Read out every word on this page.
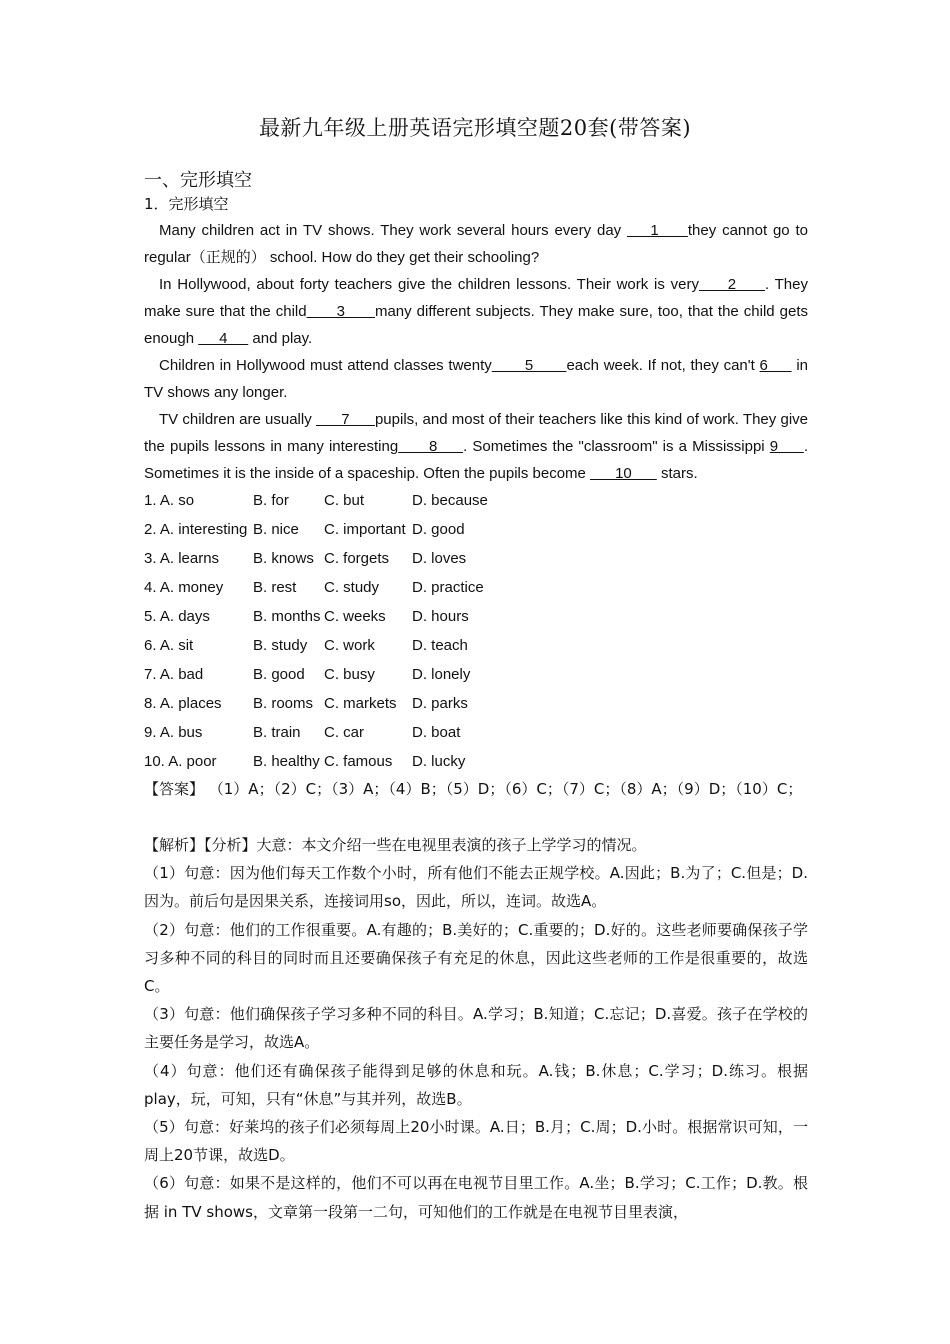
最新九年级上册英语完形填空题20套(带答案)
一、完形填空
1．完形填空

Many children act in TV shows. They work several hours every day     1     they cannot go to regular（正规的） school. How do they get their schooling?

In Hollywood, about forty teachers give the children lessons. Their work is very     2     . They make sure that the child      3      many different subjects. They make sure, too, that the child gets enough      4      and play.

Children in Hollywood must attend classes twenty       5       each week. If not, they can't 6      in TV shows any longer.

TV children are usually       7      pupils, and most of their teachers like this kind of work. They give the pupils lessons in many interesting      8     . Sometimes the "classroom" is a Mississippi 9     . Sometimes it is the inside of a spaceship. Often the pupils become       10       stars.

1. A. so	B. for C. but	D. because
2. A. interesting B. nice C. important D. good
3. A. learns B. knows C. forgets D. loves
4. A. money B. rest C. study D. practice
5. A. days	B. months C. weeks D. hours
6. A. sit	B. study C. work D. teach
7. A. bad	B. good C. busy D. lonely
8. A. places B. rooms C. markets D. parks
9. A. bus	B. train C. car	D. boat
10. A. poor B. healthy C. famous D. lucky
【答案】 （1）A；（2）C；（3）A；（4）B；（5）D；（6）C；（7）C；（8）A；（9）D；（10）C；

【解析】【分析】大意：本文介绍一些在电视里表演的孩子上学学习的情况。

（1）句意：因为他们每天工作数个小时，所有他们不能去正规学校。A.因此；B.为了；C.但是；D.因为。前后句是因果关系，连接词用so，因此，所以，连词。故选A。

（2）句意：他们的工作很重要。A.有趣的；B.美好的；C.重要的；D.好的。这些老师要确保孩子学习多种不同的科目的同时而且还要确保孩子有充足的休息，因此这些老师的工作是很重要的，故选C。

（3）句意：他们确保孩子学习多种不同的科目。A.学习；B.知道；C.忘记；D.喜爱。孩子在学校的主要任务是学习，故选A。

（4）句意：他们还有确保孩子能得到足够的休息和玩。A.钱；B.休息；C.学习；D.练习。根据play，玩，可知，只有“休息”与其并列，故选B。

（5）句意：好莱坞的孩子们必须每周上20小时课。A.日；B.月；C.周；D.小时。根据常识可知，一周上20节课，故选D。

（6）句意：如果不是这样的，他们不可以再在电视节目里工作。A.坐；B.学习；C.工作；D.教。根据 in TV shows，文章第一段第一二句，可知他们的工作就是在电视节目里表演，
